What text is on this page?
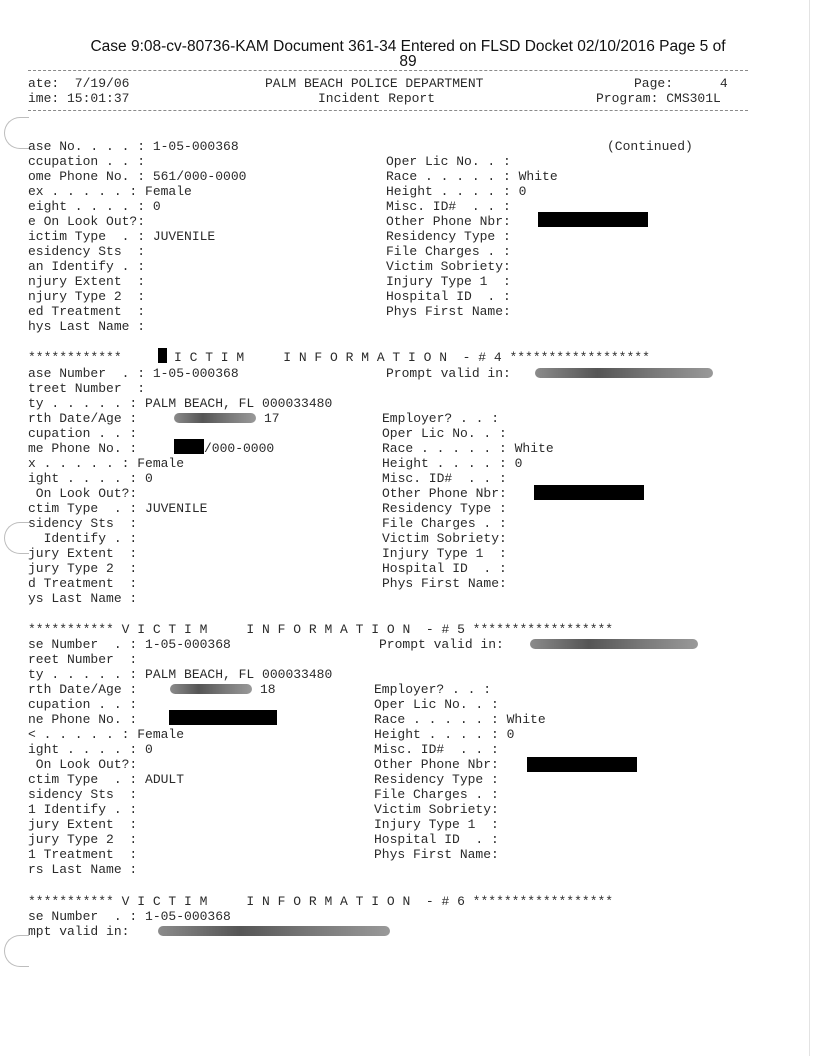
Case 9:08-cv-80736-KAM Document 361-34 Entered on FLSD Docket 02/10/2016 Page 5 of
89
ate:  7/19/06
ime: 15:01:37
PALM BEACH POLICE DEPARTMENT
Incident Report
Page:      4
Program: CMS301L
ase No. . . . : 1-05-000368	(Continued)
ccupation . . :	Oper Lic No. . :
ome Phone No. : 561/000-0000	Race . . . . . : White
ex . . . . . : Female	Height . . . . : 0
eight . . . . : 0	Misc. ID#  . . :
e On Look Out?:	Other Phone Nbr:
ictim Type  . : JUVENILE	Residency Type :
esidency Sts  :	File Charges . :
an Identify . :	Victim Sobriety:
njury Extent  :	Injury Type 1  :
njury Type 2  :	Hospital ID  . :
ed Treatment  :	Phys First Name:
hys Last Name :
************	I C T I M     I N F O R M A T I O N  - # 4 ******************
ase Number  . : 1-05-000368	Prompt valid in:
treet Number  :
ty . . . . . : PALM BEACH, FL 000033480
rth Date/Age :	17	Employer? . . :
cupation . . :	Oper Lic No. . :
me Phone No. :	/000-0000	Race . . . . . : White
x . . . . . : Female	Height . . . . : 0
ight . . . . : 0	Misc. ID#  . . :
On Look Out?:	Other Phone Nbr:
ctim Type  . : JUVENILE	Residency Type :
sidency Sts  :	File Charges . :
Identify . :	Victim Sobriety:
jury Extent  :	Injury Type 1  :
jury Type 2  :	Hospital ID  . :
d Treatment  :	Phys First Name:
ys Last Name :
*********** V I C T I M     I N F O R M A T I O N  - # 5 ******************
se Number  . : 1-05-000368	Prompt valid in:
reet Number  :
ty . . . . . : PALM BEACH, FL 000033480
rth Date/Age :	18	Employer? . . :
cupation . . :	Oper Lic No. . :
ne Phone No. :	Race . . . . . : White
< . . . . . : Female	Height . . . . : 0
ight . . . . : 0	Misc. ID#  . . :
On Look Out?:	Other Phone Nbr:
ctim Type  . : ADULT	Residency Type :
sidency Sts  :	File Charges . :
1 Identify . :	Victim Sobriety:
jury Extent  :	Injury Type 1  :
jury Type 2  :	Hospital ID  . :
1 Treatment  :	Phys First Name:
rs Last Name :
*********** V I C T I M     I N F O R M A T I O N  - # 6 ******************
se Number  . : 1-05-000368
mpt valid in:
